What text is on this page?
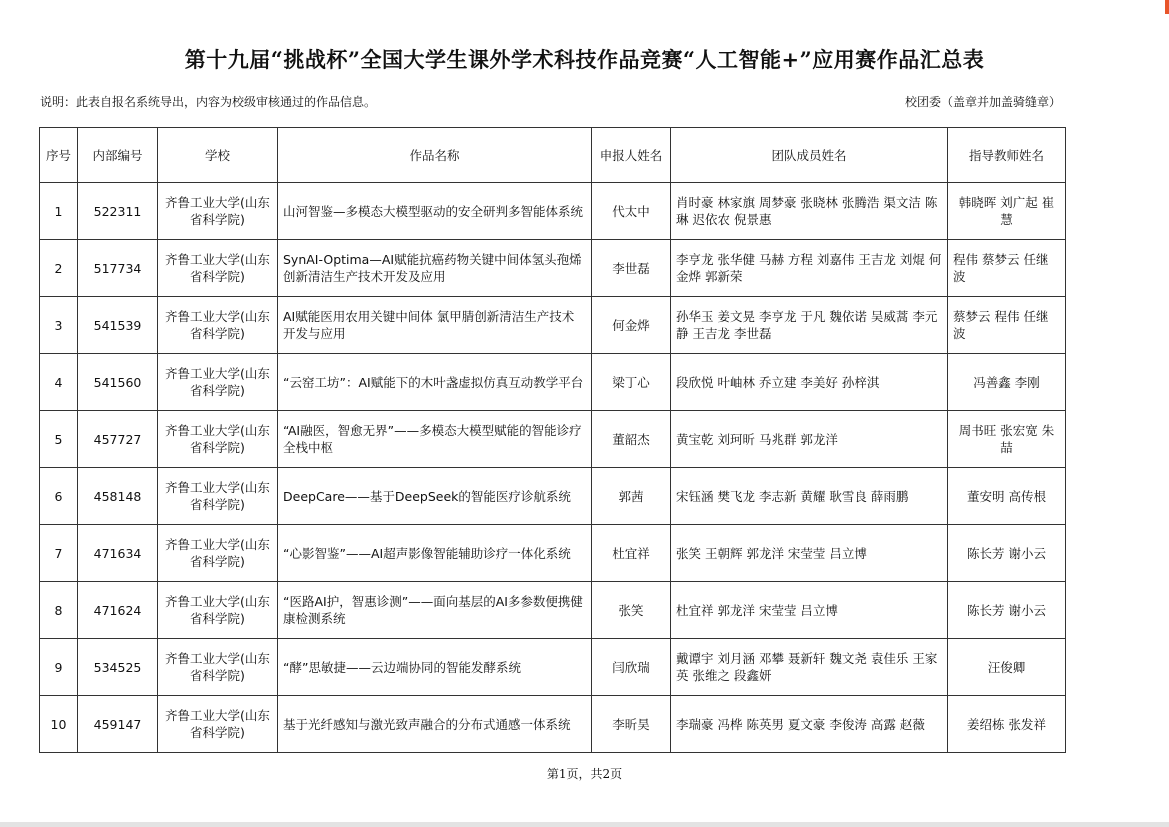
第十九届“挑战杯”全国大学生课外学术科技作品竞赛“人工智能+”应用赛作品汇总表
说明：此表自报名系统导出，内容为校级审核通过的作品信息。	校团委（盖章并加盖骑缝章）
序号	内部编号	学校	作品名称	申报人姓名	团队成员姓名	指导教师姓名
1	522311	齐鲁工业大学(山东省科学院)	山河智鉴—多模态大模型驱动的安全研判多智能体系统	代太中	肖时豪 林家旗 周梦豪 张晓林 张腾浩 渠文洁 陈琳 迟依农 倪景惠	韩晓晖 刘广起 崔慧
2	517734	齐鲁工业大学(山东省科学院)	SynAI-Optima—AI赋能抗癌药物关键中间体氢头孢烯创新清洁生产技术开发及应用	李世磊	李亨龙 张华健 马赫 方程 刘嘉伟 王吉龙 刘焜 何金烨 郭新荣	程伟 蔡梦云 任继波
3	541539	齐鲁工业大学(山东省科学院)	AI赋能医用农用关键中间体 氯甲腈创新清洁生产技术开发与应用	何金烨	孙华玉 姜文晃 李亨龙 于凡 魏依诺 吴威蒿 李元静 王吉龙 李世磊	蔡梦云 程伟 任继波
4	541560	齐鲁工业大学(山东省科学院)	“云窑工坊”：AI赋能下的木叶盏虚拟仿真互动教学平台	梁丁心	段欣悦 叶岫林 乔立建 李美好 孙梓淇	冯善鑫 李刚
5	457727	齐鲁工业大学(山东省科学院)	“AI融医，智愈无界”——多模态大模型赋能的智能诊疗全栈中枢	董韶杰	黄宝乾 刘珂昕 马兆群 郭龙洋	周书旺 张宏宽 朱喆
6	458148	齐鲁工业大学(山东省科学院)	DeepCare——基于DeepSeek的智能医疗诊航系统	郭茜	宋钰涵 樊飞龙 李志新 黄耀 耿雪良 薛雨鹏	董安明 高传根
7	471634	齐鲁工业大学(山东省科学院)	“心影智鉴”——AI超声影像智能辅助诊疗一体化系统	杜宜祥	张笑 王朝辉 郭龙洋 宋莹莹 吕立博	陈长芳 谢小云
8	471624	齐鲁工业大学(山东省科学院)	“医路AI护，智惠诊测”——面向基层的AI多参数便携健康检测系统	张笑	杜宜祥 郭龙洋 宋莹莹 吕立博	陈长芳 谢小云
9	534525	齐鲁工业大学(山东省科学院)	“酵”思敏捷——云边端协同的智能发酵系统	闫欣瑞	戴谭宇 刘月涵 邓攀 聂新轩 魏文尧 袁佳乐 王家英 张维之 段鑫妍	汪俊卿
10	459147	齐鲁工业大学(山东省科学院)	基于光纤感知与激光致声融合的分布式通感一体系统	李昕昊	李瑞豪 冯桦 陈英男 夏文豪 李俊涛 高露 赵薇	姜绍栋 张发祥
第1页，共2页
